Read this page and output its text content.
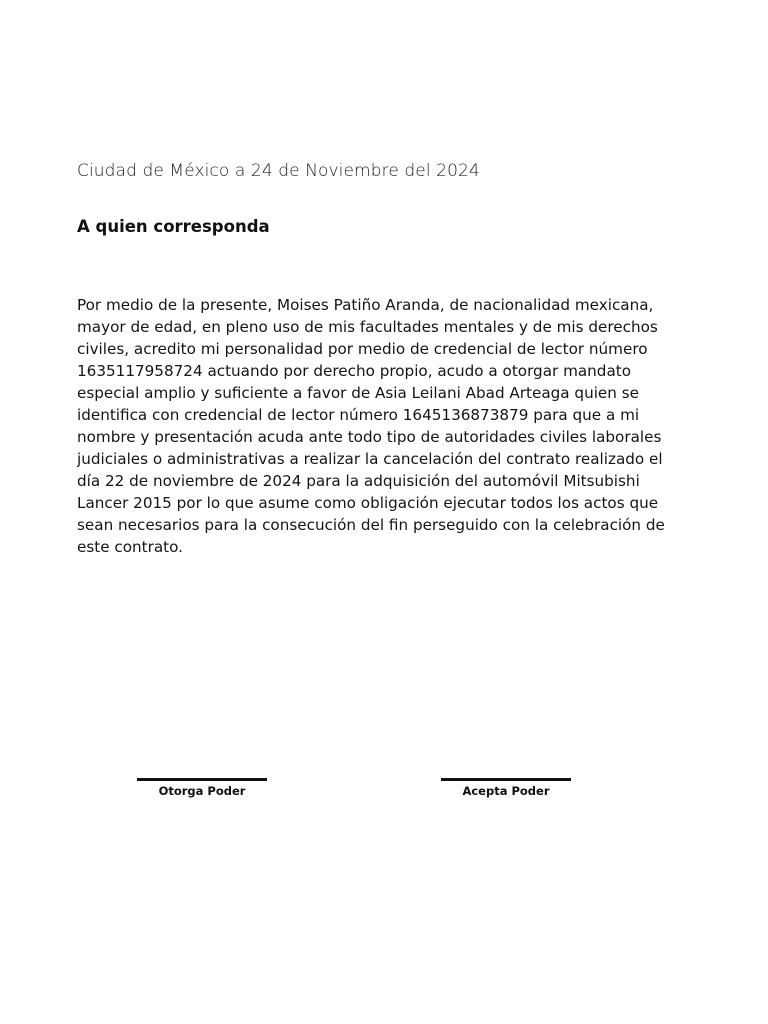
Ciudad de México a 24 de Noviembre del 2024
A quien corresponda

Por medio de la presente, Moises Patiño Aranda, de nacionalidad mexicana, mayor de edad, en pleno uso de mis facultades mentales y de mis derechos civiles, acredito mi personalidad por medio de credencial de lector número 1635117958724 actuando por derecho propio, acudo a otorgar mandato especial amplio y suficiente a favor de Asia Leilani Abad Arteaga quien se identifica con credencial de lector número 1645136873879 para que a mi nombre y presentación acuda ante todo tipo de autoridades civiles laborales judiciales o administrativas a realizar la cancelación del contrato realizado el día 22 de noviembre de 2024 para la adquisición del automóvil Mitsubishi Lancer 2015 por lo que asume como obligación ejecutar todos los actos que sean necesarios para la consecución del fin perseguido con la celebración de este contrato.

Otorga Poder	Acepta Poder
